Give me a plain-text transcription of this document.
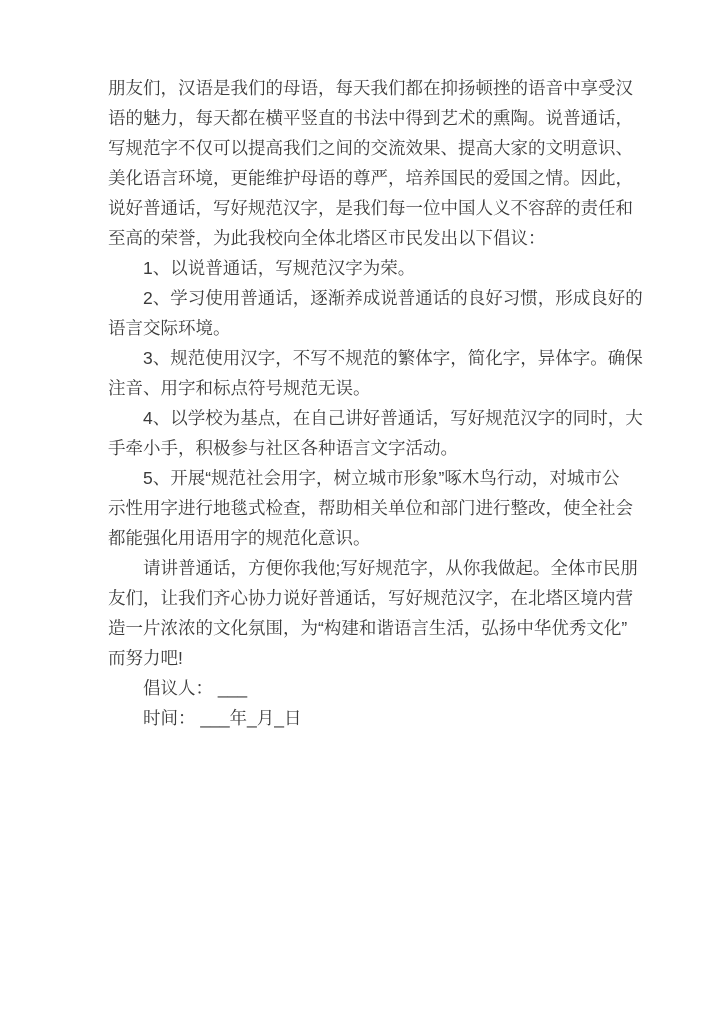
朋友们，汉语是我们的母语，每天我们都在抑扬顿挫的语音中享受汉
语的魅力，每天都在横平竖直的书法中得到艺术的熏陶。说普通话，
写规范字不仅可以提高我们之间的交流效果、提高大家的文明意识、
美化语言环境，更能维护母语的尊严，培养国民的爱国之情。因此，
说好普通话，写好规范汉字，是我们每一位中国人义不容辞的责任和
至高的荣誉，为此我校向全体北塔区市民发出以下倡议：
1、以说普通话，写规范汉字为荣。
2、学习使用普通话，逐渐养成说普通话的良好习惯，形成良好的
语言交际环境。
3、规范使用汉字，不写不规范的繁体字，简化字，异体字。确保
注音、用字和标点符号规范无误。
4、以学校为基点，在自己讲好普通话，写好规范汉字的同时，大
手牵小手，积极参与社区各种语言文字活动。
5、开展“规范社会用字，树立城市形象”啄木鸟行动，对城市公
示性用字进行地毯式检查，帮助相关单位和部门进行整改，使全社会
都能强化用语用字的规范化意识。
请讲普通话，方便你我他;写好规范字，从你我做起。全体市民朋
友们，让我们齐心协力说好普通话，写好规范汉字，在北塔区境内营
造一片浓浓的文化氛围，为“构建和谐语言生活，弘扬中华优秀文化”
而努力吧!
倡议人： ___
时间： ___年_月_日
